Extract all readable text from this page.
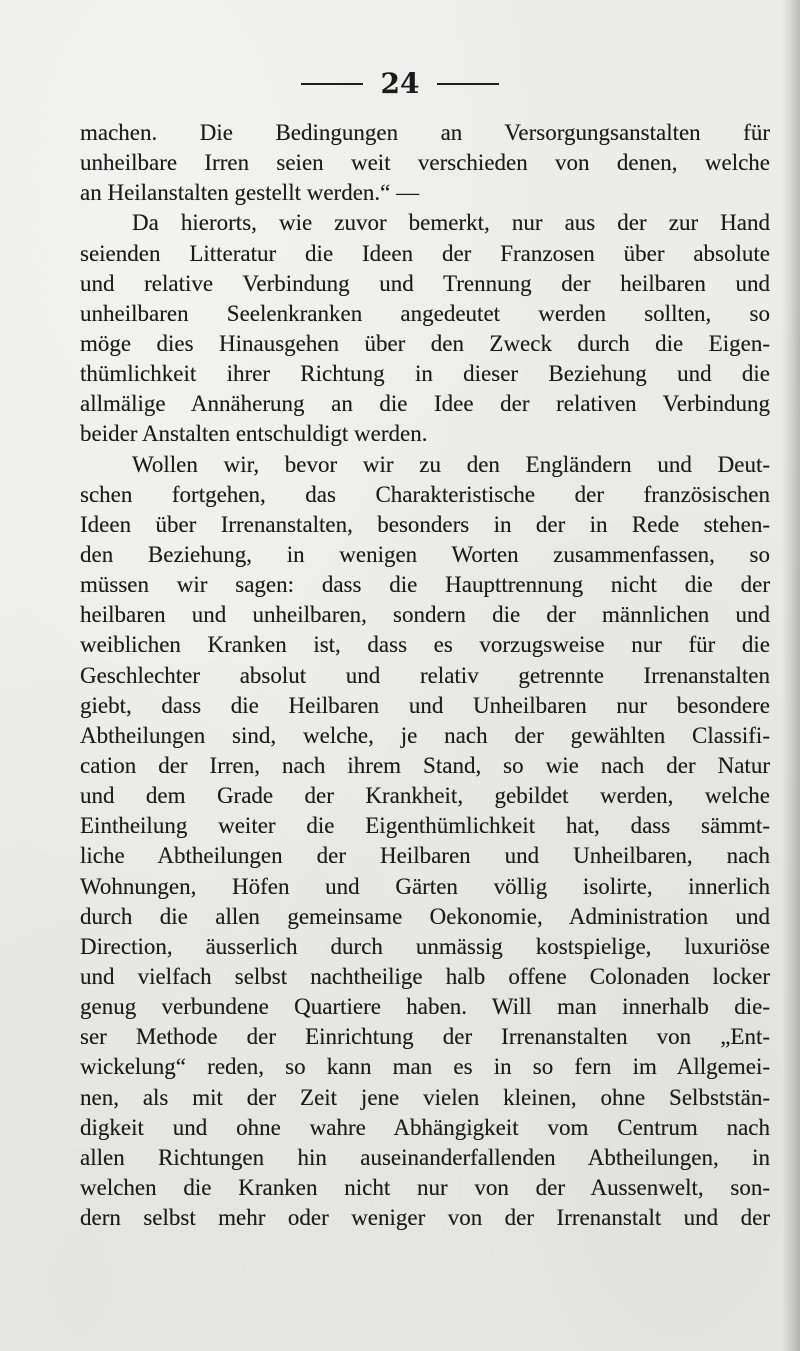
24
machen. Die Bedingungen an Versorgungsanstalten für
unheilbare Irren seien weit verschieden von denen, welche
an Heilanstalten gestellt werden.“ —
Da hierorts, wie zuvor bemerkt, nur aus der zur Hand
seienden Litteratur die Ideen der Franzosen über absolute
und relative Verbindung und Trennung der heilbaren und
unheilbaren Seelenkranken angedeutet werden sollten, so
möge dies Hinausgehen über den Zweck durch die Eigen-
thümlichkeit ihrer Richtung in dieser Beziehung und die
allmälige Annäherung an die Idee der relativen Verbindung
beider Anstalten entschuldigt werden.
Wollen wir, bevor wir zu den Engländern und Deut-
schen fortgehen, das Charakteristische der französischen
Ideen über Irrenanstalten, besonders in der in Rede stehen-
den Beziehung, in wenigen Worten zusammenfassen, so
müssen wir sagen: dass die Haupttrennung nicht die der
heilbaren und unheilbaren, sondern die der männlichen und
weiblichen Kranken ist, dass es vorzugsweise nur für die
Geschlechter absolut und relativ getrennte Irrenanstalten
giebt, dass die Heilbaren und Unheilbaren nur besondere
Abtheilungen sind, welche, je nach der gewählten Classifi-
cation der Irren, nach ihrem Stand, so wie nach der Natur
und dem Grade der Krankheit, gebildet werden, welche
Eintheilung weiter die Eigenthümlichkeit hat, dass sämmt-
liche Abtheilungen der Heilbaren und Unheilbaren, nach
Wohnungen, Höfen und Gärten völlig isolirte, innerlich
durch die allen gemeinsame Oekonomie, Administration und
Direction, äusserlich durch unmässig kostspielige, luxuriöse
und vielfach selbst nachtheilige halb offene Colonaden locker
genug verbundene Quartiere haben. Will man innerhalb die-
ser Methode der Einrichtung der Irrenanstalten von „Ent-
wickelung“ reden, so kann man es in so fern im Allgemei-
nen, als mit der Zeit jene vielen kleinen, ohne Selbststän-
digkeit und ohne wahre Abhängigkeit vom Centrum nach
allen Richtungen hin auseinanderfallenden Abtheilungen, in
welchen die Kranken nicht nur von der Aussenwelt, son-
dern selbst mehr oder weniger von der Irrenanstalt und der
